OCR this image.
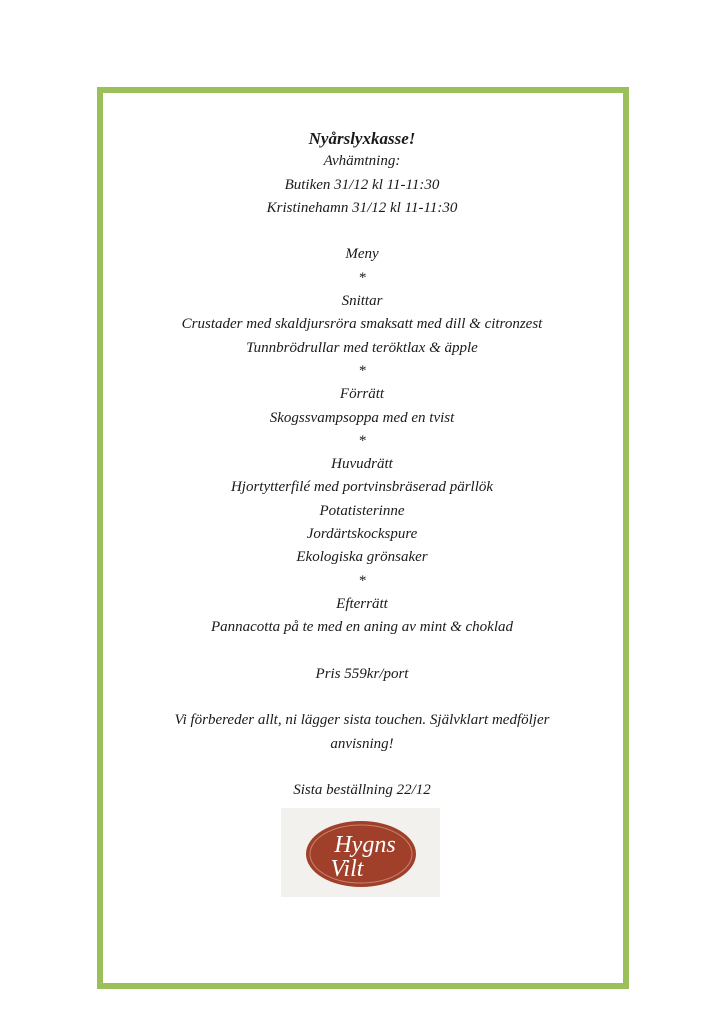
Nyårslyxkasse!
Avhämtning:
Butiken 31/12 kl 11-11:30
Kristinehamn 31/12 kl 11-11:30
Meny
*
Snittar
Crustader med skaldjursröra smaksatt med dill & citronzest
Tunnbrödrullar med teröktlax & äpple
*
Förrätt
Skogssvampsoppa med en tvist
*
Huvudrätt
Hjortytterfilé med portvinsbräserad pärllök
Potatisterinne
Jordärtskockspure
Ekologiska grönsaker
*
Efterrätt
Pannacotta på te med en aning av mint & choklad
Pris 559kr/port
Vi förbereder allt, ni lägger sista touchen. Självklart medföljer anvisning!
Sista beställning 22/12
Hygns
Vilt
